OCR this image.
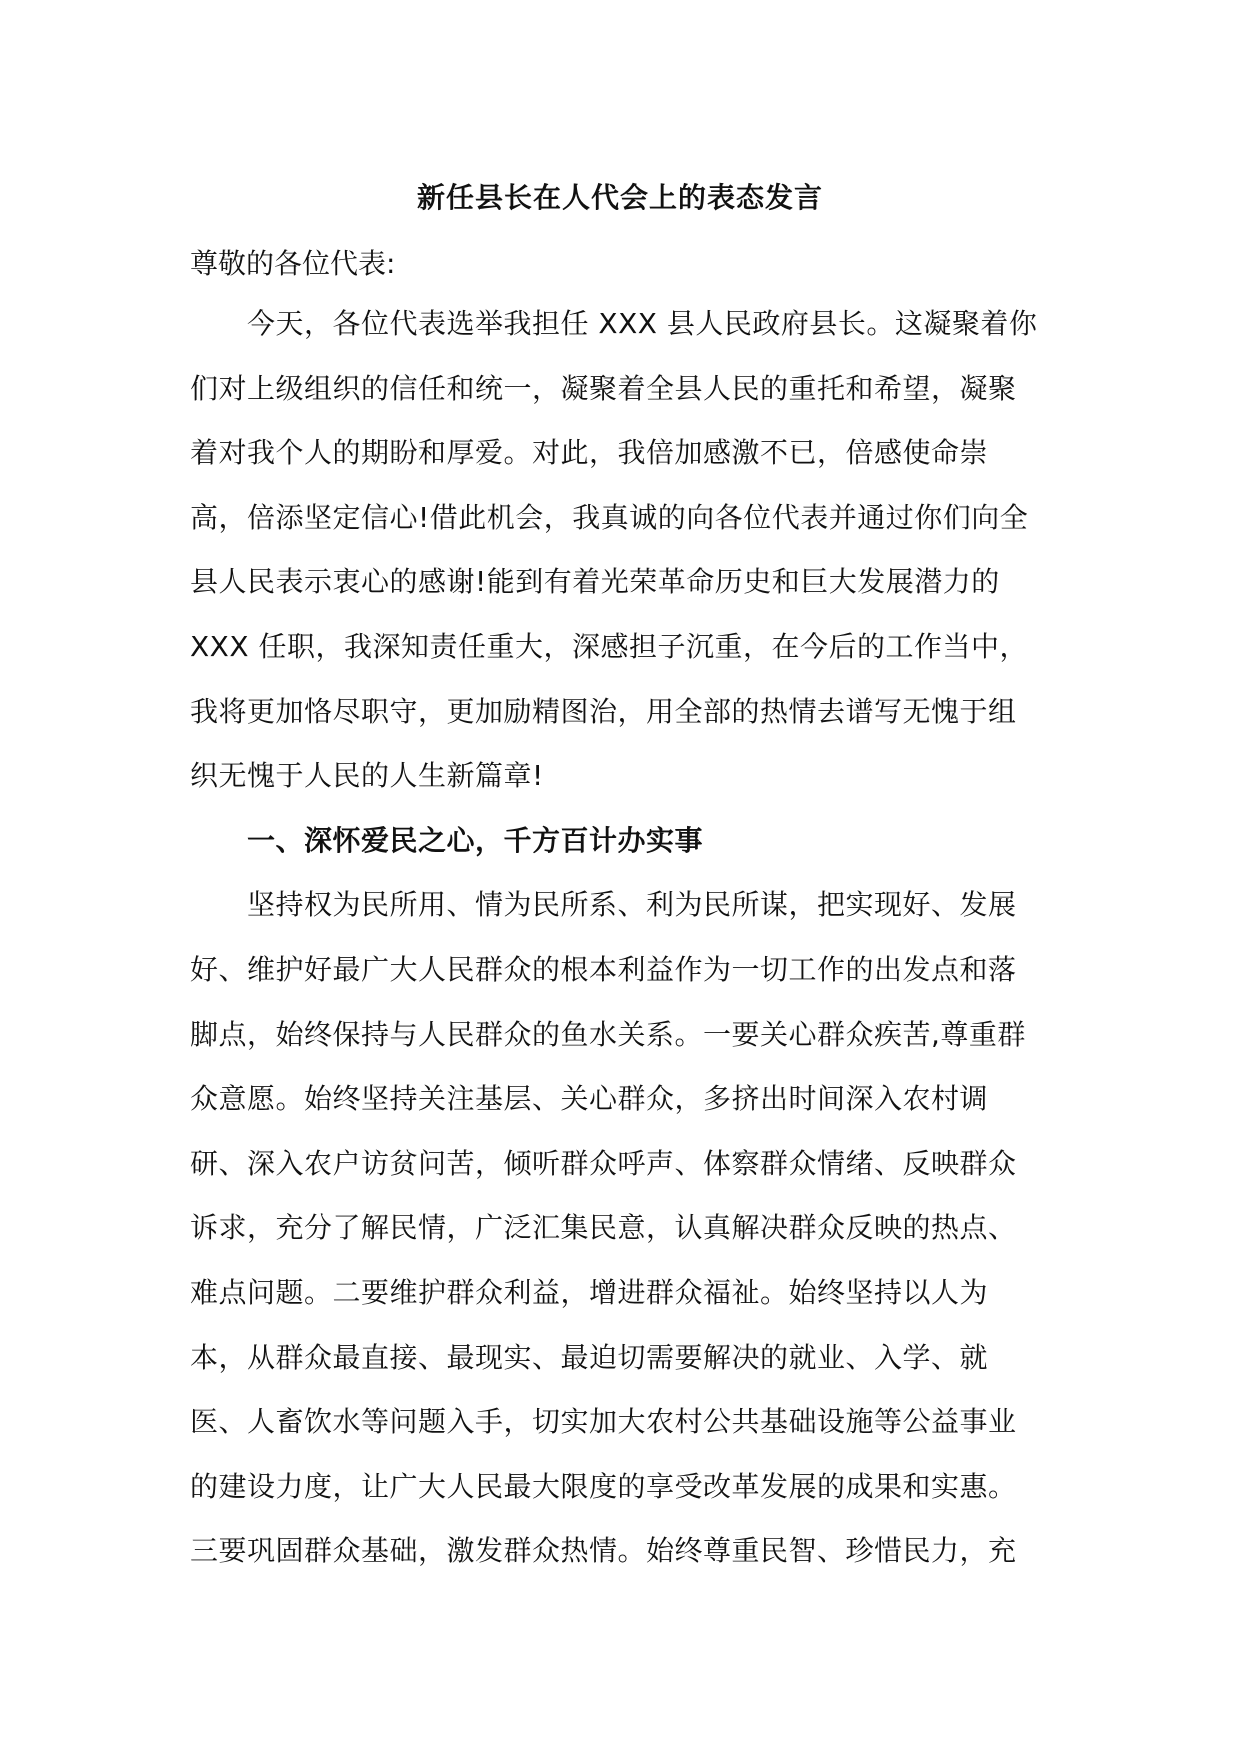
新任县长在人代会上的表态发言

尊敬的各位代表:

今天，各位代表选举我担任 XXX 县人民政府县长。这凝聚着你

们对上级组织的信任和统一，凝聚着全县人民的重托和希望，凝聚

着对我个人的期盼和厚爱。对此，我倍加感激不已，倍感使命崇

高，倍添坚定信心!借此机会，我真诚的向各位代表并通过你们向全

县人民表示衷心的感谢!能到有着光荣革命历史和巨大发展潜力的

XXX 任职，我深知责任重大，深感担子沉重，在今后的工作当中，

我将更加恪尽职守，更加励精图治，用全部的热情去谱写无愧于组

织无愧于人民的人生新篇章!

一、深怀爱民之心，千方百计办实事

坚持权为民所用、情为民所系、利为民所谋，把实现好、发展

好、维护好最广大人民群众的根本利益作为一切工作的出发点和落

脚点，始终保持与人民群众的鱼水关系。一要关心群众疾苦,尊重群

众意愿。始终坚持关注基层、关心群众，多挤出时间深入农村调

研、深入农户访贫问苦，倾听群众呼声、体察群众情绪、反映群众

诉求，充分了解民情，广泛汇集民意，认真解决群众反映的热点、

难点问题。二要维护群众利益，增进群众福祉。始终坚持以人为

本，从群众最直接、最现实、最迫切需要解决的就业、入学、就

医、人畜饮水等问题入手，切实加大农村公共基础设施等公益事业

的建设力度，让广大人民最大限度的享受改革发展的成果和实惠。

三要巩固群众基础，激发群众热情。始终尊重民智、珍惜民力，充
